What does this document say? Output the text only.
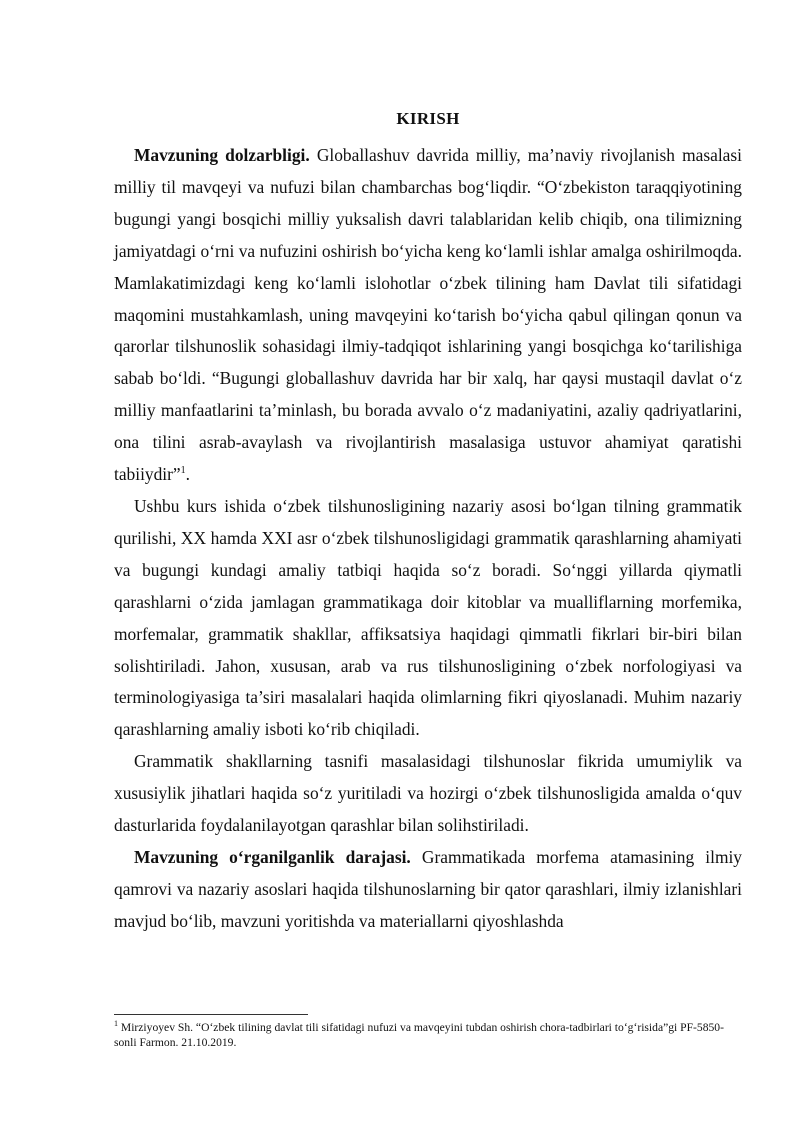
KIRISH

Mavzuning dolzarbligi. Globallashuv davrida milliy, ma’naviy rivojlanish masalasi milliy til mavqeyi va nufuzi bilan chambarchas bog‘liqdir. “O‘zbekiston taraqqiyotining bugungi yangi bosqichi milliy yuksalish davri talablaridan kelib chiqib, ona tilimizning jamiyatdagi o‘rni va nufuzini oshirish bo‘yicha keng ko‘lamli ishlar amalga oshirilmoqda. Mamlakatimizdagi keng ko‘lamli islohotlar o‘zbek tilining ham Davlat tili sifatidagi maqomini mustahkamlash, uning mavqeyini ko‘tarish bo‘yicha qabul qilingan qonun va qarorlar tilshunoslik sohasidagi ilmiy-tadqiqot ishlarining yangi bosqichga ko‘tarilishiga sabab bo‘ldi. “Bugungi globallashuv davrida har bir xalq, har qaysi mustaqil davlat o‘z milliy manfaatlarini ta’minlash, bu borada avvalo o‘z madaniyatini, azaliy qadriyatlarini, ona tilini asrab-avaylash va rivojlantirish masalasiga ustuvor ahamiyat qaratishi tabiiydir”$^1$.

Ushbu kurs ishida o‘zbek tilshunosligining nazariy asosi bo‘lgan tilning grammatik qurilishi, XX hamda XXI asr o‘zbek tilshunosligidagi grammatik qarashlarning ahamiyati va bugungi kundagi amaliy tatbiqi haqida so‘z boradi. So‘nggi yillarda qiymatli qarashlarni o‘zida jamlagan grammatikaga doir kitoblar va mualliflarning morfemika, morfemalar, grammatik shakllar, affiksatsiya haqidagi qimmatli fikrlari bir-biri bilan solishtiriladi. Jahon, xususan, arab va rus tilshunosligining o‘zbek norfologiyasi va terminologiyasiga ta’siri masalalari haqida olimlarning fikri qiyoslanadi. Muhim nazariy qarashlarning amaliy isboti ko‘rib chiqiladi.

Grammatik shakllarning tasnifi masalasidagi tilshunoslar fikrida umumiylik va xususiylik jihatlari haqida so‘z yuritiladi va hozirgi o‘zbek tilshunosligida amalda o‘quv dasturlarida foydalanilayotgan qarashlar bilan solihstiriladi.

Mavzuning o‘rganilganlik darajasi. Grammatikada morfema atamasining ilmiy qamrovi va nazariy asoslari haqida tilshunoslarning bir qator qarashlari, ilmiy izlanishlari mavjud bo‘lib, mavzuni yoritishda va materiallarni qiyoshlashda

$^1$ Mirziyoyev Sh. “O‘zbek tilining davlat tili sifatidagi nufuzi va mavqeyini tubdan oshirish chora-tadbirlari to‘g‘risida”gi PF-5850-sonli Farmon. 21.10.2019.
